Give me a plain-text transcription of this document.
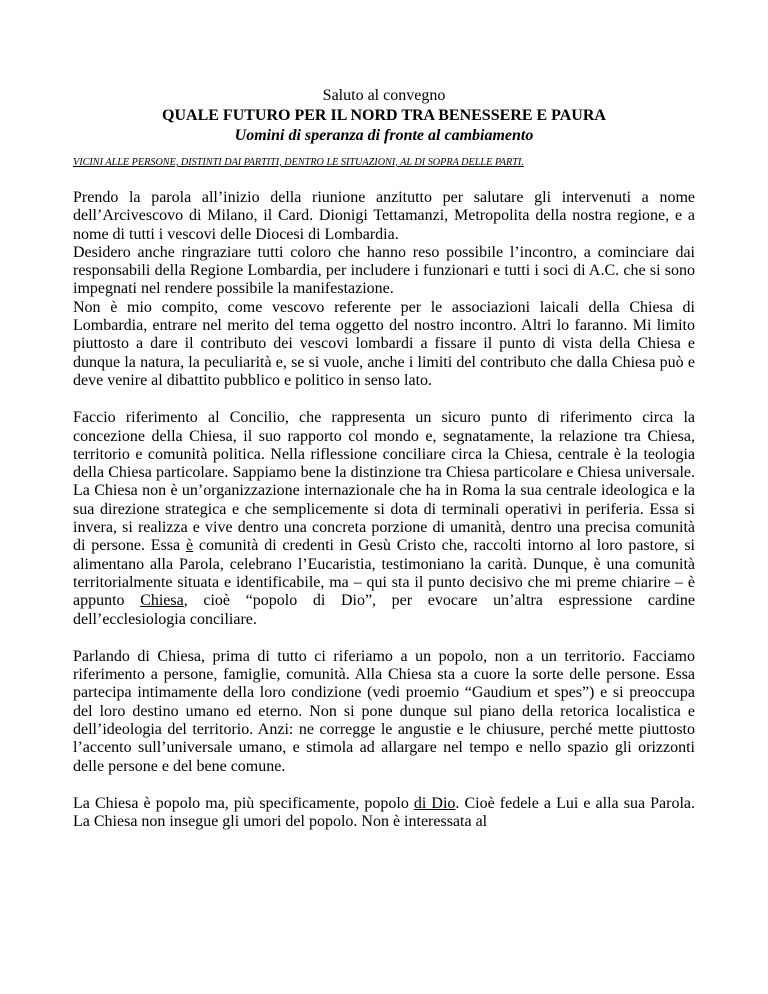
Saluto al convegno

QUALE FUTURO PER IL NORD TRA BENESSERE E PAURA

Uomini di speranza di fronte al cambiamento

VICINI ALLE PERSONE, DISTINTI DAI PARTITI, DENTRO LE SITUAZIONI, AL DI SOPRA DELLE PARTI.

Prendo la parola all’inizio della riunione anzitutto per salutare gli intervenuti a nome dell’Arcivescovo di Milano, il Card. Dionigi Tettamanzi, Metropolita della nostra regione, e a nome di tutti i vescovi delle Diocesi di Lombardia.

Desidero anche ringraziare tutti coloro che hanno reso possibile l’incontro, a cominciare dai responsabili della Regione Lombardia, per includere i funzionari e tutti i soci di A.C. che si sono impegnati nel rendere possibile la manifestazione.

Non è mio compito, come vescovo referente per le associazioni laicali della Chiesa di Lombardia, entrare nel merito del tema oggetto del nostro incontro. Altri lo faranno. Mi limito piuttosto a dare il contributo dei vescovi lombardi a fissare il punto di vista della Chiesa e dunque la natura, la peculiarità e, se si vuole, anche i limiti del contributo che dalla Chiesa può e deve venire al dibattito pubblico e politico in senso lato.

Faccio riferimento al Concilio, che rappresenta un sicuro punto di riferimento circa la concezione della Chiesa, il suo rapporto col mondo e, segnatamente, la relazione tra Chiesa, territorio e comunità politica. Nella riflessione conciliare circa la Chiesa, centrale è la teologia della Chiesa particolare. Sappiamo bene la distinzione tra Chiesa particolare e Chiesa universale. La Chiesa non è un’organizzazione internazionale che ha in Roma la sua centrale ideologica e la sua direzione strategica e che semplicemente si dota di terminali operativi in periferia. Essa si invera, si realizza e vive dentro una concreta porzione di umanità, dentro una precisa comunità di persone. Essa è comunità di credenti in Gesù Cristo che, raccolti intorno al loro pastore, si alimentano alla Parola, celebrano l’Eucaristia, testimoniano la carità. Dunque, è una comunità territorialmente situata e identificabile, ma – qui sta il punto decisivo che mi preme chiarire – è appunto Chiesa, cioè “popolo di Dio”, per evocare un’altra espressione cardine dell’ecclesiologia conciliare.

Parlando di Chiesa, prima di tutto ci riferiamo a un popolo, non a un territorio. Facciamo riferimento a persone, famiglie, comunità. Alla Chiesa sta a cuore la sorte delle persone. Essa partecipa intimamente della loro condizione (vedi proemio “Gaudium et spes”) e si preoccupa del loro destino umano ed eterno. Non si pone dunque sul piano della retorica localistica e dell’ideologia del territorio. Anzi: ne corregge le angustie e le chiusure, perché mette piuttosto l’accento sull’universale umano, e stimola ad allargare nel tempo e nello spazio gli orizzonti delle persone e del bene comune.

La Chiesa è popolo ma, più specificamente, popolo di Dio. Cioè fedele a Lui e alla sua Parola. La Chiesa non insegue gli umori del popolo. Non è interessata al
